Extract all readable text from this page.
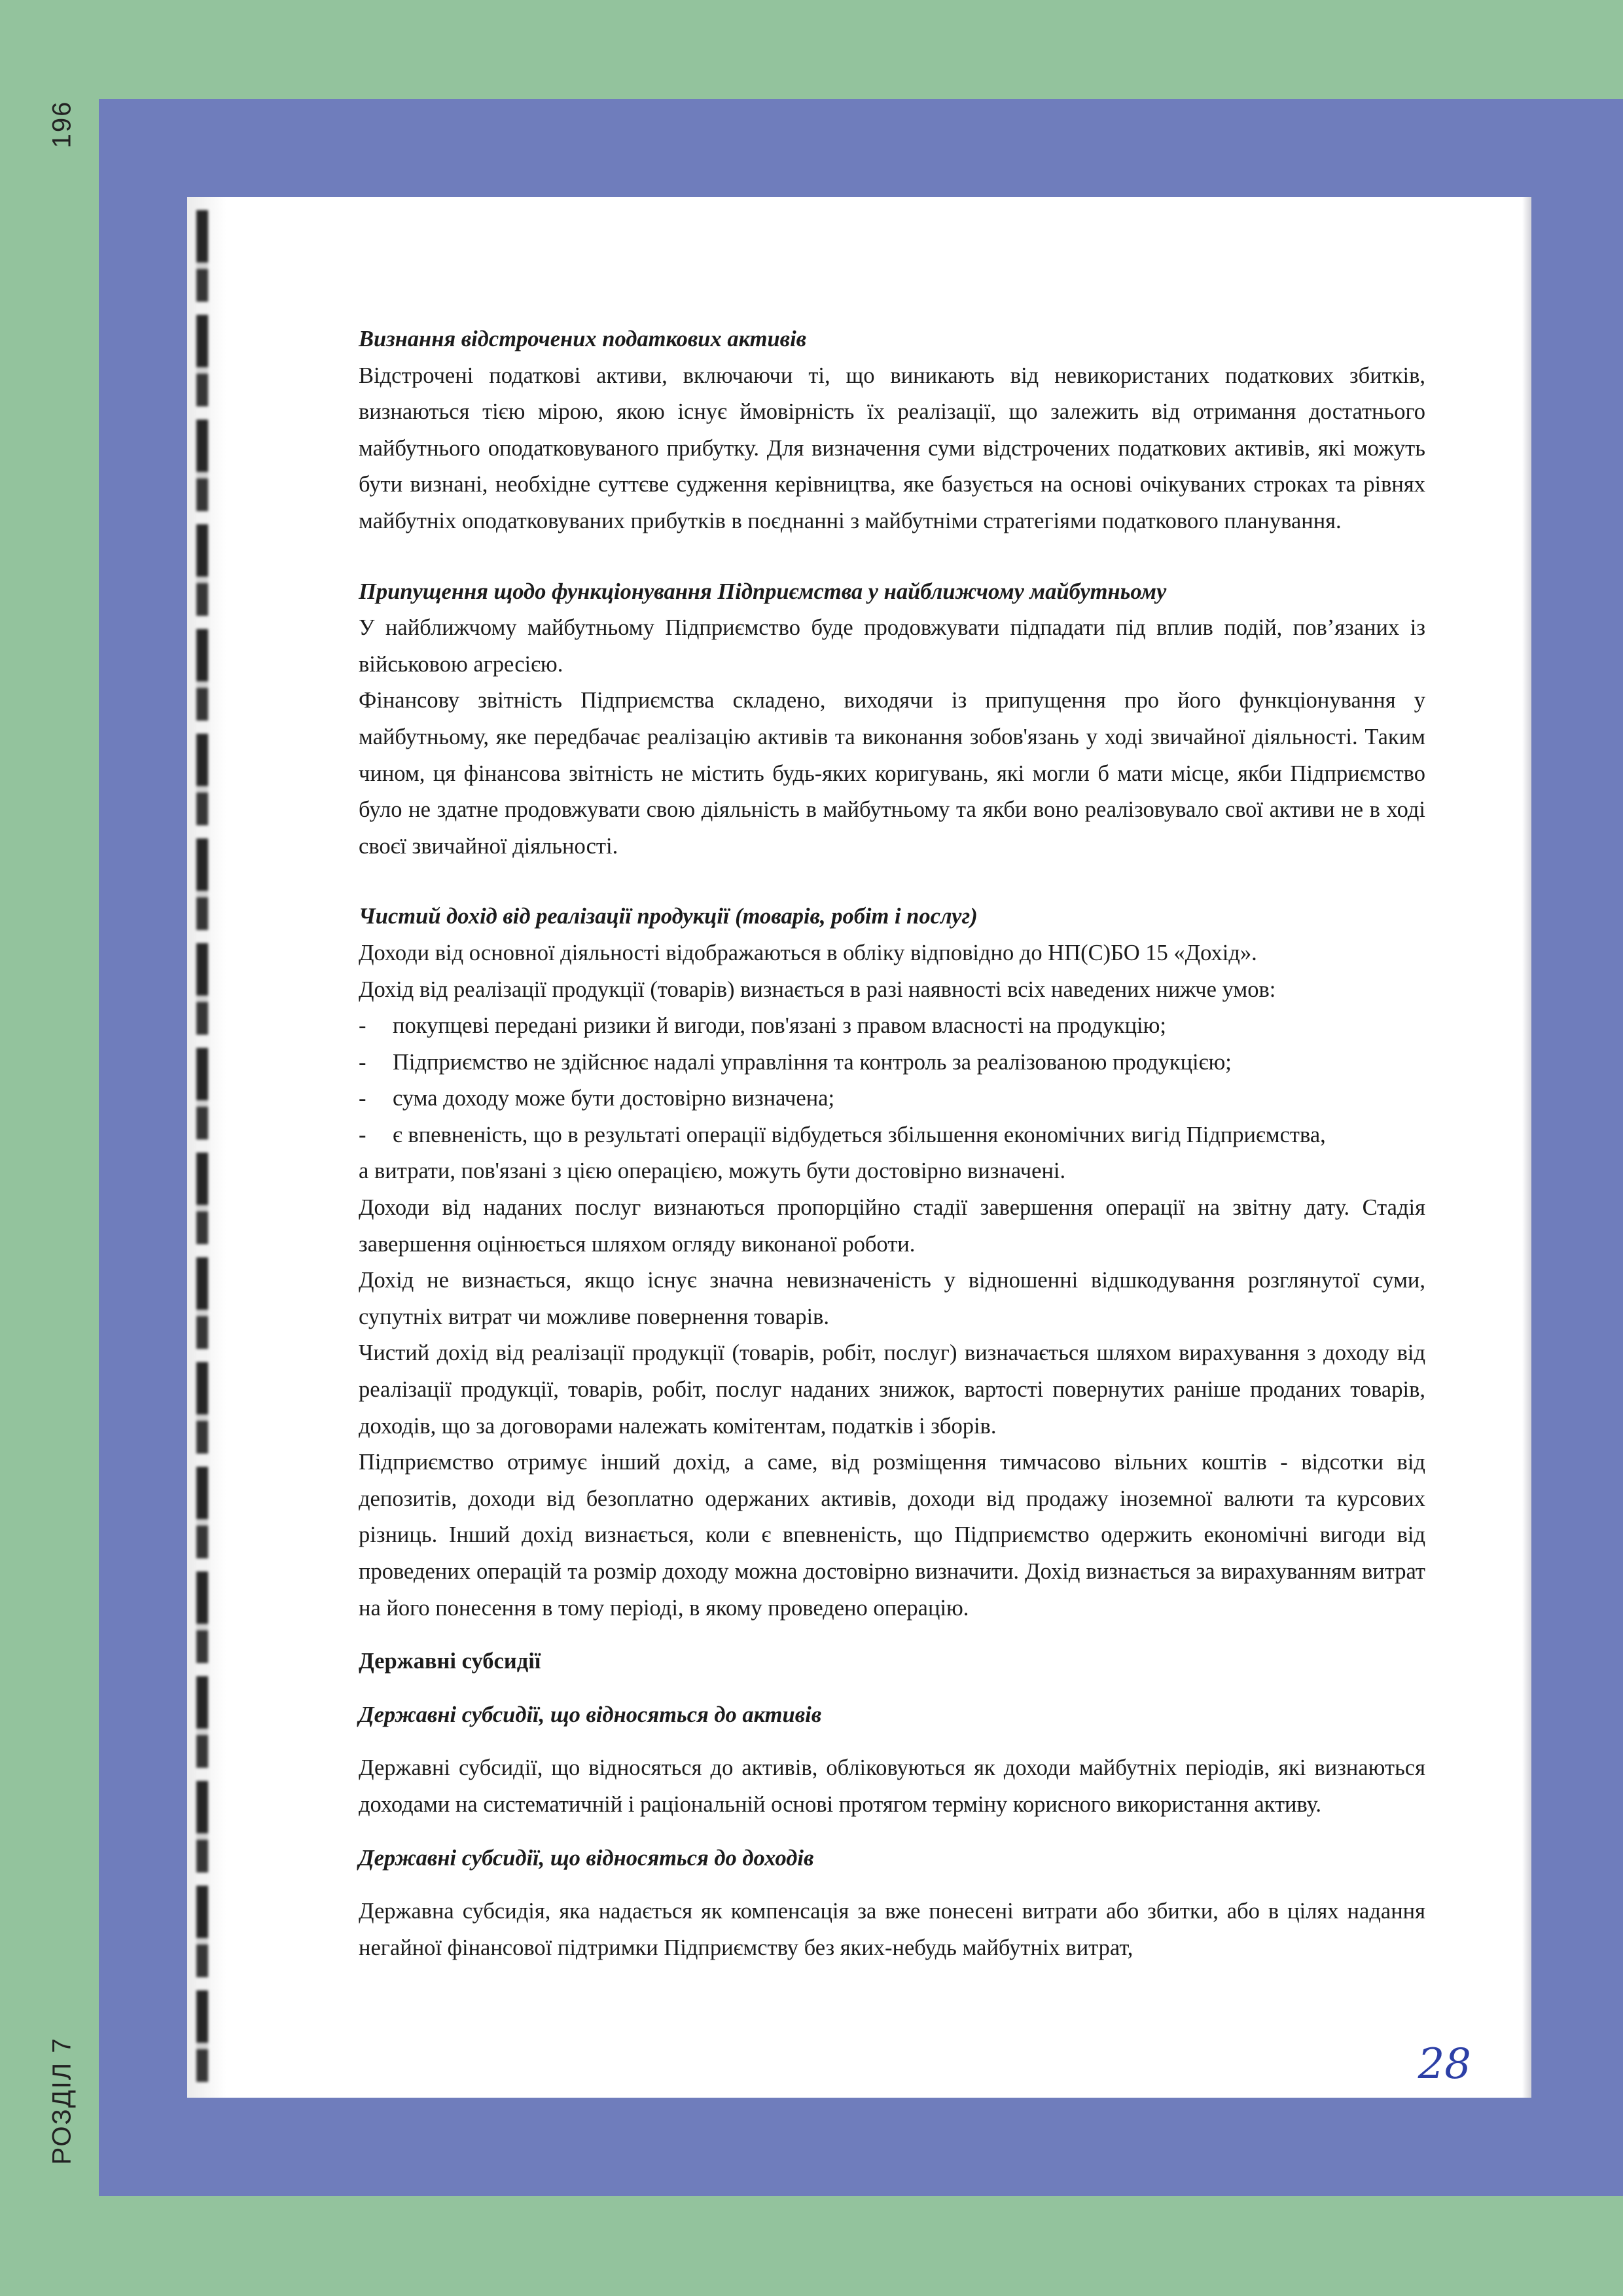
196
РОЗДІЛ 7

Визнання відстрочених податкових активів

Відстрочені податкові активи, включаючи ті, що виникають від невикористаних податкових збитків, визнаються тією мірою, якою існує ймовірність їх реалізації, що залежить від отримання достатнього майбутнього оподатковуваного прибутку. Для визначення суми відстрочених податкових активів, які можуть бути визнані, необхідне суттєве судження керівництва, яке базується на основі очікуваних строках та рівнях майбутніх оподатковуваних прибутків в поєднанні з майбутніми стратегіями податкового планування.

Припущення щодо функціонування Підприємства у найближчому майбутньому

У найближчому майбутньому Підприємство буде продовжувати підпадати під вплив подій, пов’язаних із військовою агресією.

Фінансову звітність Підприємства складено, виходячи із припущення про його функціонування у майбутньому, яке передбачає реалізацію активів та виконання зобов'язань у ході звичайної діяльності. Таким чином, ця фінансова звітність не містить будь-яких коригувань, які могли б мати місце, якби Підприємство було не здатне продовжувати свою діяльність в майбутньому та якби воно реалізовувало свої активи не в ході своєї звичайної діяльності.

Чистий дохід від реалізації продукції (товарів, робіт і послуг)

Доходи від основної діяльності відображаються в обліку відповідно до НП(С)БО 15 «Дохід».

Дохід від реалізації продукції (товарів) визнається в разі наявності всіх наведених нижче умов:

- покупцеві передані ризики й вигоди, пов'язані з правом власності на продукцію;
- Підприємство не здійснює надалі управління та контроль за реалізованою продукцією;
- сума доходу може бути достовірно визначена;
- є впевненість, що в результаті операції відбудеться збільшення економічних вигід Підприємства,

а витрати, пов'язані з цією операцією, можуть бути достовірно визначені.

Доходи від наданих послуг визнаються пропорційно стадії завершення операції на звітну дату. Стадія завершення оцінюється шляхом огляду виконаної роботи.

Дохід не визнається, якщо існує значна невизначеність у відношенні відшкодування розглянутої суми, супутніх витрат чи можливе повернення товарів.

Чистий дохід від реалізації продукції (товарів, робіт, послуг) визначається шляхом вирахування з доходу від реалізації продукції, товарів, робіт, послуг наданих знижок, вартості повернутих раніше проданих товарів, доходів, що за договорами належать комітентам, податків і зборів.

Підприємство отримує інший дохід, а саме, від розміщення тимчасово вільних коштів - відсотки від депозитів, доходи від безоплатно одержаних активів, доходи від продажу іноземної валюти та курсових різниць. Інший дохід визнається, коли є впевненість, що Підприємство одержить економічні вигоди від проведених операцій та розмір доходу можна достовірно визначити. Дохід визнається за вирахуванням витрат на його понесення в тому періоді, в якому проведено операцію.

Державні субсидії

Державні субсидії, що відносяться до активів

Державні субсидії, що відносяться до активів, обліковуються як доходи майбутніх періодів, які визнаються доходами на систематичній і раціональній основі протягом терміну корисного використання активу.

Державні субсидії, що відносяться до доходів

Державна субсидія, яка надається як компенсація за вже понесені витрати або збитки, або в цілях надання негайної фінансової підтримки Підприємству без яких-небудь майбутніх витрат,

28
